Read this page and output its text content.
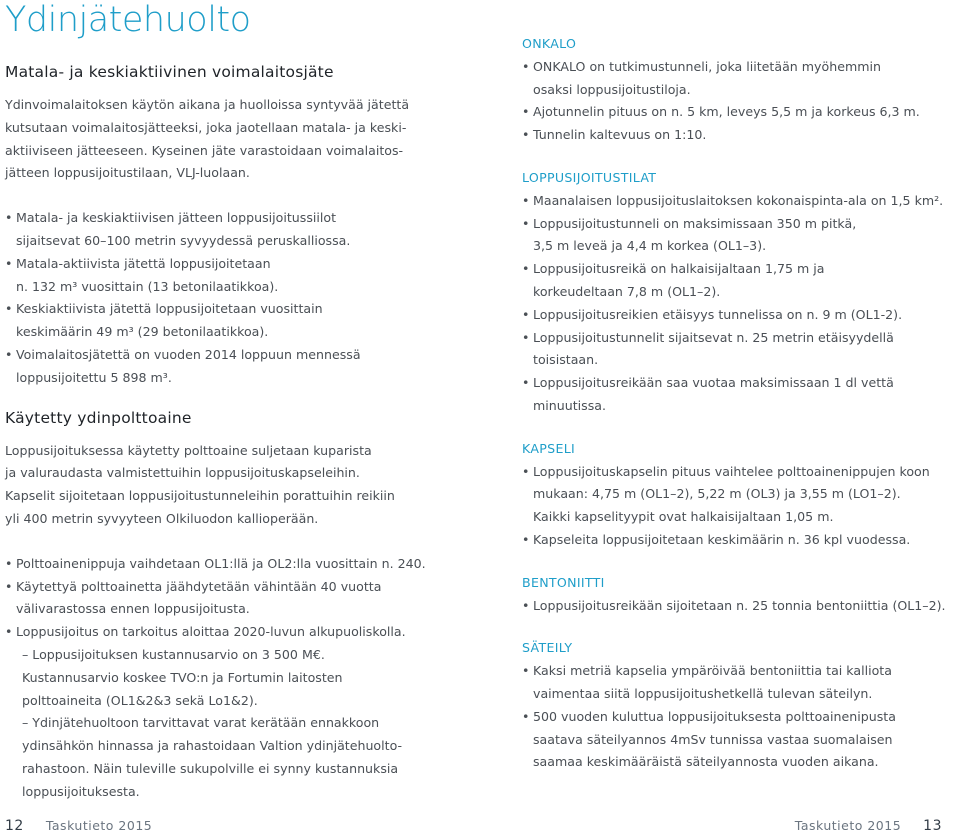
Ydinjätehuolto
Matala- ja keskiaktiivinen voimalaitosjäte

Ydinvoimalaitoksen käytön aikana ja huolloissa syntyvää jätettä
kutsutaan voimalaitosjätteeksi, joka jaotellaan matala- ja keski-
aktiiviseen jätteeseen. Kyseinen jäte varastoidaan voimalaitos-
jätteen loppusijoitustilaan, VLJ-luolaan.

• Matala- ja keskiaktiivisen jätteen loppusijoitussiilot
sijaitsevat 60–100 metrin syvyydessä peruskalliossa.
• Matala-aktiivista jätettä loppusijoitetaan
n. 132 m³ vuosittain (13 betonilaatikkoa).
• Keskiaktiivista jätettä loppusijoitetaan vuosittain
keskimäärin 49 m³ (29 betonilaatikkoa).
• Voimalaitosjätettä on vuoden 2014 loppuun mennessä
loppusijoitettu 5 898 m³.
Käytetty ydinpolttoaine

Loppusijoituksessa käytetty polttoaine suljetaan kuparista
ja valuraudasta valmistettuihin loppusijoituskapseleihin.

Kapselit sijoitetaan loppusijoitustunneleihin porattuihin reikiin
yli 400 metrin syvyyteen Olkiluodon kallioperään.

• Polttoainenippuja vaihdetaan OL1:llä ja OL2:lla vuosittain n. 240.
• Käytettyä polttoainetta jäähdytetään vähintään 40 vuotta
välivarastossa ennen loppusijoitusta.
• Loppusijoitus on tarkoitus aloittaa 2020-luvun alkupuoliskolla.
– Loppusijoituksen kustannusarvio on 3 500 M€.
Kustannusarvio koskee TVO:n ja Fortumin laitosten
polttoaineita (OL1&2&3 sekä Lo1&2).
– Ydinjätehuoltoon tarvittavat varat kerätään ennakkoon
ydinsähkön hinnassa ja rahastoidaan Valtion ydinjätehuolto-
rahastoon. Näin tuleville sukupolville ei synny kustannuksia
loppusijoituksesta.
ONKALO
• ONKALO on tutkimustunneli, joka liitetään myöhemmin
osaksi loppusijoitustiloja.
• Ajotunnelin pituus on n. 5 km, leveys 5,5 m ja korkeus 6,3 m.
• Tunnelin kaltevuus on 1:10.
LOPPUSIJOITUSTILAT
• Maanalaisen loppusijoituslaitoksen kokonaispinta-ala on 1,5 km².
• Loppusijoitustunneli on maksimissaan 350 m pitkä,
3,5 m leveä ja 4,4 m korkea (OL1–3).
• Loppusijoitusreikä on halkaisijaltaan 1,75 m ja
korkeudeltaan 7,8 m (OL1–2).
• Loppusijoitusreikien etäisyys tunnelissa on n. 9 m (OL1-2).
• Loppusijoitustunnelit sijaitsevat n. 25 metrin etäisyydellä
toisistaan.
• Loppusijoitusreikään saa vuotaa maksimissaan 1 dl vettä
minuutissa.
KAPSELI
• Loppusijoituskapselin pituus vaihtelee polttoainenippujen koon
mukaan: 4,75 m (OL1–2), 5,22 m (OL3) ja 3,55 m (LO1–2).
Kaikki kapselityypit ovat halkaisijaltaan 1,05 m.
• Kapseleita loppusijoitetaan keskimäärin n. 36 kpl vuodessa.
BENTONIITTI
• Loppusijoitusreikään sijoitetaan n. 25 tonnia bentoniittia (OL1–2).
SÄTEILY
• Kaksi metriä kapselia ympäröivää bentoniittia tai kalliota
vaimentaa siitä loppusijoitushetkellä tulevan säteilyn.
• 500 vuoden kuluttua loppusijoituksesta polttoainenipusta
saatava säteilyannos 4mSv tunnissa vastaa suomalaisen
saamaa keskimääräistä säteilyannosta vuoden aikana.
12 Taskutieto 2015	Taskutieto 2015 13
